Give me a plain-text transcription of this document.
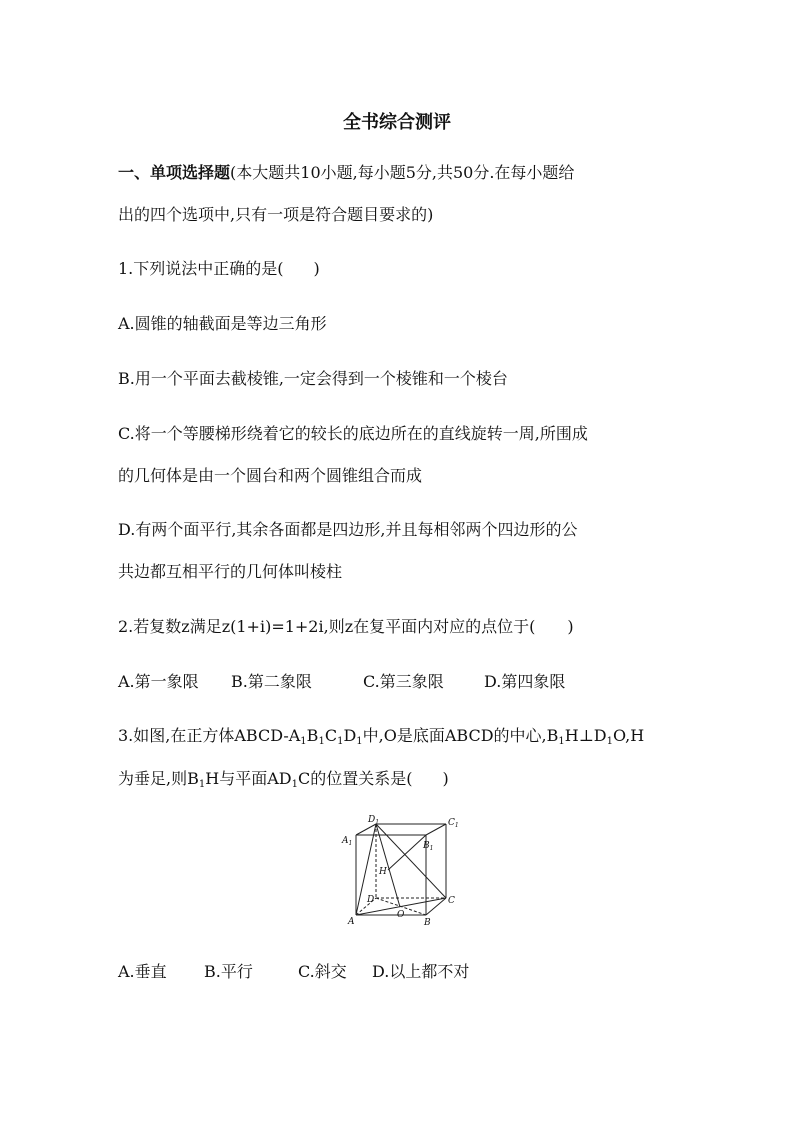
全书综合测评
一、单项选择题(本大题共10小题,每小题5分,共50分.在每小题给
出的四个选项中,只有一项是符合题目要求的)
1.下列说法中正确的是( )
A.圆锥的轴截面是等边三角形
B.用一个平面去截棱锥,一定会得到一个棱锥和一个棱台
C.将一个等腰梯形绕着它的较长的底边所在的直线旋转一周,所围成
的几何体是由一个圆台和两个圆锥组合而成
D.有两个面平行,其余各面都是四边形,并且每相邻两个四边形的公
共边都互相平行的几何体叫棱柱
2.若复数z满足z(1+i)=1+2i,则z在复平面内对应的点位于( )
A.第一象限 B.第二象限	C.第三象限	D.第四象限
3.如图,在正方体ABCD-$A_1B_1C_1D_1$中,O是底面ABCD的中心$,B_1H\perp D_1O,H$
为垂足,则$B_1H$与平面$AD_1C$的位置关系是( )
$D_1$	$C_1$
$A_1$	$B_1$
H
D
O
C
A	B
A.垂直 B.平行	C.斜交 D.以上都不对
